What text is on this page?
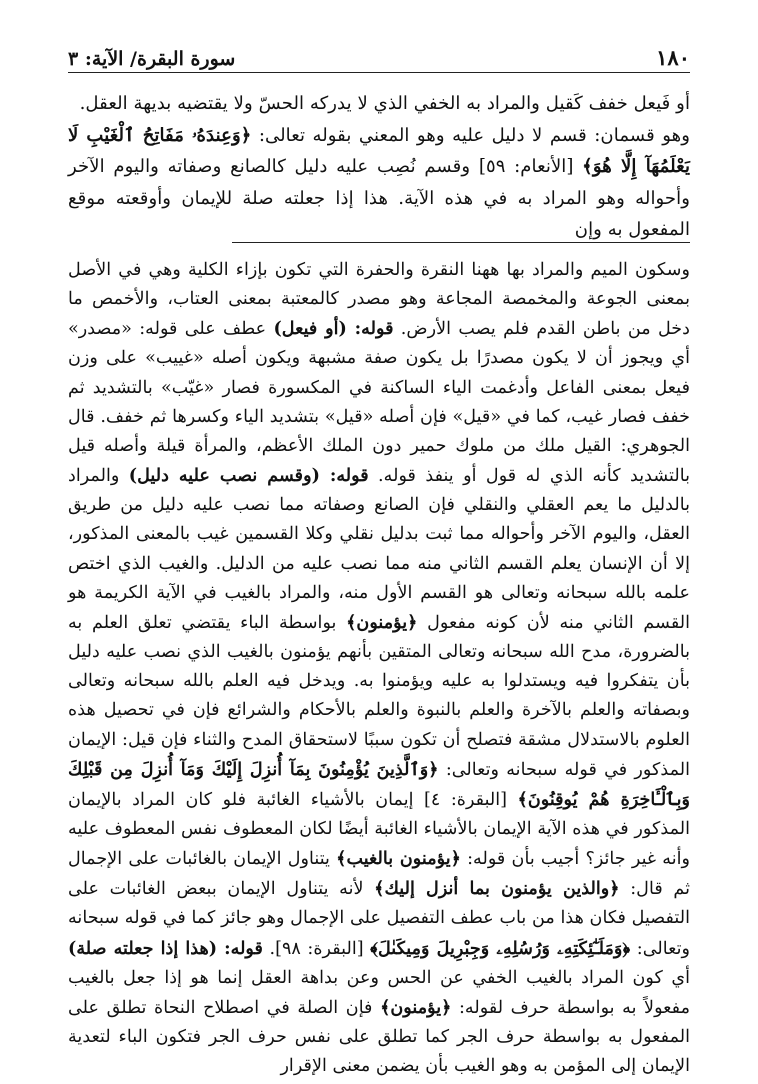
١٨٠
سورة البقرة/ الآية: ٣
أو فَيعل خفف كَقيل والمراد به الخفي الذي لا يدركه الحسّ ولا يقتضيه بديهة العقل.
وهو قسمان: قسم لا دليل عليه وهو المعني بقوله تعالى: ﴿وَعِندَهُۥ مَفَاتِحُ ٱلْغَيْبِ لَا يَعْلَمُهَآ إِلَّا هُوَ﴾ [الأنعام: ٥٩] وقسم نُصِب عليه دليل كالصانع وصفاته واليوم الآخر وأحواله وهو المراد به في هذه الآية. هذا إذا جعلته صلة للإيمان وأوقعته موقع المفعول به وإن
وسكون الميم والمراد بها ههنا النقرة والحفرة التي تكون بإزاء الكلية وهي في الأصل بمعنى الجوعة والمخمصة المجاعة وهو مصدر كالمعتبة بمعنى العتاب، والأخمص ما دخل من باطن القدم فلم يصب الأرض. قوله: (أو فيعل) عطف على قوله: «مصدر» أي ويجوز أن لا يكون مصدرًا بل يكون صفة مشبهة ويكون أصله «غييب» على وزن فيعل بمعنى الفاعل وأدغمت الياء الساكنة في المكسورة فصار «غيّب» بالتشديد ثم خفف فصار غيب، كما في «قيل» فإن أصله «قيل» بتشديد الياء وكسرها ثم خفف. قال الجوهري: القيل ملك من ملوك حمير دون الملك الأعظم، والمرأة قيلة وأصله قيل بالتشديد كأنه الذي له قول أو ينفذ قوله. قوله: (وقسم نصب عليه دليل) والمراد بالدليل ما يعم العقلي والنقلي فإن الصانع وصفاته مما نصب عليه دليل من طريق العقل، واليوم الآخر وأحواله مما ثبت بدليل نقلي وكلا القسمين غيب بالمعنى المذكور، إلا أن الإنسان يعلم القسم الثاني منه مما نصب عليه من الدليل. والغيب الذي اختص علمه بالله سبحانه وتعالى هو القسم الأول منه، والمراد بالغيب في الآية الكريمة هو القسم الثاني منه لأن كونه مفعول ﴿يؤمنون﴾ بواسطة الباء يقتضي تعلق العلم به بالضرورة، مدح الله سبحانه وتعالى المتقين بأنهم يؤمنون بالغيب الذي نصب عليه دليل بأن يتفكروا فيه ويستدلوا به عليه ويؤمنوا به. ويدخل فيه العلم بالله سبحانه وتعالى وبصفاته والعلم بالآخرة والعلم بالنبوة والعلم بالأحكام والشرائع فإن في تحصيل هذه العلوم بالاستدلال مشقة فتصلح أن تكون سببًا لاستحقاق المدح والثناء فإن قيل: الإيمان المذكور في قوله سبحانه وتعالى: ﴿وَٱلَّذِينَ يُؤْمِنُونَ بِمَآ أُنزِلَ إِلَيْكَ وَمَآ أُنزِلَ مِن قَبْلِكَ وَبِٱلْـَٔاخِرَةِ هُمْ يُوقِنُونَ﴾ [البقرة: ٤] إيمان بالأشياء الغائبة فلو كان المراد بالإيمان المذكور في هذه الآية الإيمان بالأشياء الغائبة أيضًا لكان المعطوف نفس المعطوف عليه وأنه غير جائز؟ أجيب بأن قوله: ﴿يؤمنون بالغيب﴾ يتناول الإيمان بالغائبات على الإجمال ثم قال: ﴿والذين يؤمنون بما أنزل إليك﴾ لأنه يتناول الإيمان ببعض الغائبات على التفصيل فكان هذا من باب عطف التفصيل على الإجمال وهو جائز كما في قوله سبحانه وتعالى: ﴿وَمَلَـٰٓئِكَتِهِۦ وَرُسُلِهِۦ وَجِبْرِيلَ وَمِيكَىٰلَ﴾ [البقرة: ٩٨]. قوله: (هذا إذا جعلته صلة) أي كون المراد بالغيب الخفي عن الحس وعن بداهة العقل إنما هو إذا جعل بالغيب مفعولاً به بواسطة حرف لقوله: ﴿يؤمنون﴾ فإن الصلة في اصطلاح النحاة تطلق على المفعول به بواسطة حرف الجر كما تطلق على نفس حرف الجر فتكون الباء لتعدية الإيمان إلى المؤمن به وهو الغيب بأن يضمن معنى الإقرار
